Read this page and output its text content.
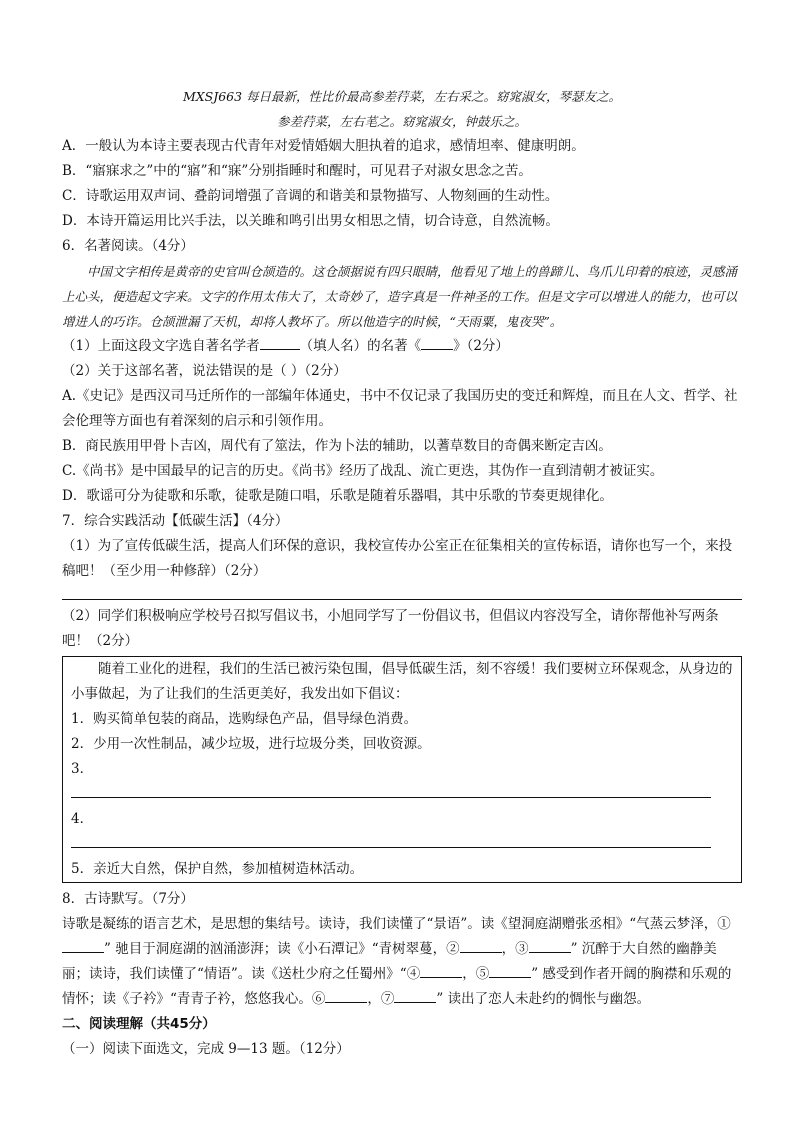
MXSJ663 每日最新，性比价最高参差荇菜，左右采之。窈窕淑女，琴瑟友之。

参差荇菜，左右芼之。窈窕淑女，钟鼓乐之。

A．一般认为本诗主要表现古代青年对爱情婚姻大胆执着的追求，感情坦率、健康明朗。

B．“寤寐求之”中的“寤”和“寐”分别指睡时和醒时，可见君子对淑女思念之苦。

C．诗歌运用双声词、叠韵词增强了音调的和谐美和景物描写、人物刻画的生动性。

D．本诗开篇运用比兴手法，以关雎和鸣引出男女相思之情，切合诗意，自然流畅。

6．名著阅读。（4分）

中国文字相传是黄帝的史官叫仓颉造的。这仓颉据说有四只眼睛，他看见了地上的兽蹄儿、鸟爪儿印着的痕迹，灵感涌上心头，便造起文字来。文字的作用太伟大了，太奇妙了，造字真是一件神圣的工作。但是文字可以增进人的能力，也可以增进人的巧诈。仓颉泄漏了天机，却将人教坏了。所以他造字的时候，“天雨粟，鬼夜哭”。

（1）上面这段文字选自著名学者	（填人名）的名著《 》（2分）

（2）关于这部名著，说法错误的是（ ）（2分）

A.《史记》是西汉司马迁所作的一部编年体通史，书中不仅记录了我国历史的变迁和辉煌，而且在人文、哲学、社会伦理等方面也有着深刻的启示和引领作用。

B．商民族用甲骨卜吉凶，周代有了筮法，作为卜法的辅助，以蓍草数目的奇偶来断定吉凶。

C.《尚书》是中国最早的记言的历史。《尚书》经历了战乱、流亡更迭，其伪作一直到清朝才被证实。

D．歌谣可分为徒歌和乐歌，徒歌是随口唱，乐歌是随着乐器唱，其中乐歌的节奏更规律化。

7．综合实践活动【低碳生活】（4分）

（1）为了宣传低碳生活，提高人们环保的意识，我校宣传办公室正在征集相关的宣传标语，请你也写一个，来投稿吧！（至少用一种修辞）（2分）

（2）同学们积极响应学校号召拟写倡议书，小旭同学写了一份倡议书，但倡议内容没写全，请你帮他补写两条吧！（2分）

随着工业化的进程，我们的生活已被污染包围，倡导低碳生活，刻不容缓！我们要树立环保观念，从身边的小事做起，为了让我们的生活更美好，我发出如下倡议：

1．购买简单包装的商品，选购绿色产品，倡导绿色消费。

2．少用一次性制品，减少垃圾，进行垃圾分类，回收资源。

3．

4．

5．亲近大自然，保护自然，参加植树造林活动。

8．古诗默写。（7分）

诗歌是凝练的语言艺术，是思想的集结号。读诗，我们读懂了“景语”。读《望洞庭湖赠张丞相》“气蒸云梦泽，①” 驰目于洞庭湖的汹涌澎湃；读《小石潭记》“青树翠蔓，②	，③	” 沉醉于大自然的幽静美丽；读诗，我们读懂了“情语”。读《送杜少府之任蜀州》“④	，⑤	” 感受到作者开阔的胸襟和乐观的情怀；读《子衿》“青青子衿，悠悠我心。⑥	，⑦	” 读出了恋人未赴约的惆怅与幽怨。

二、阅读理解（共45分）

（一）阅读下面选文，完成 9—13 题。（12分）
